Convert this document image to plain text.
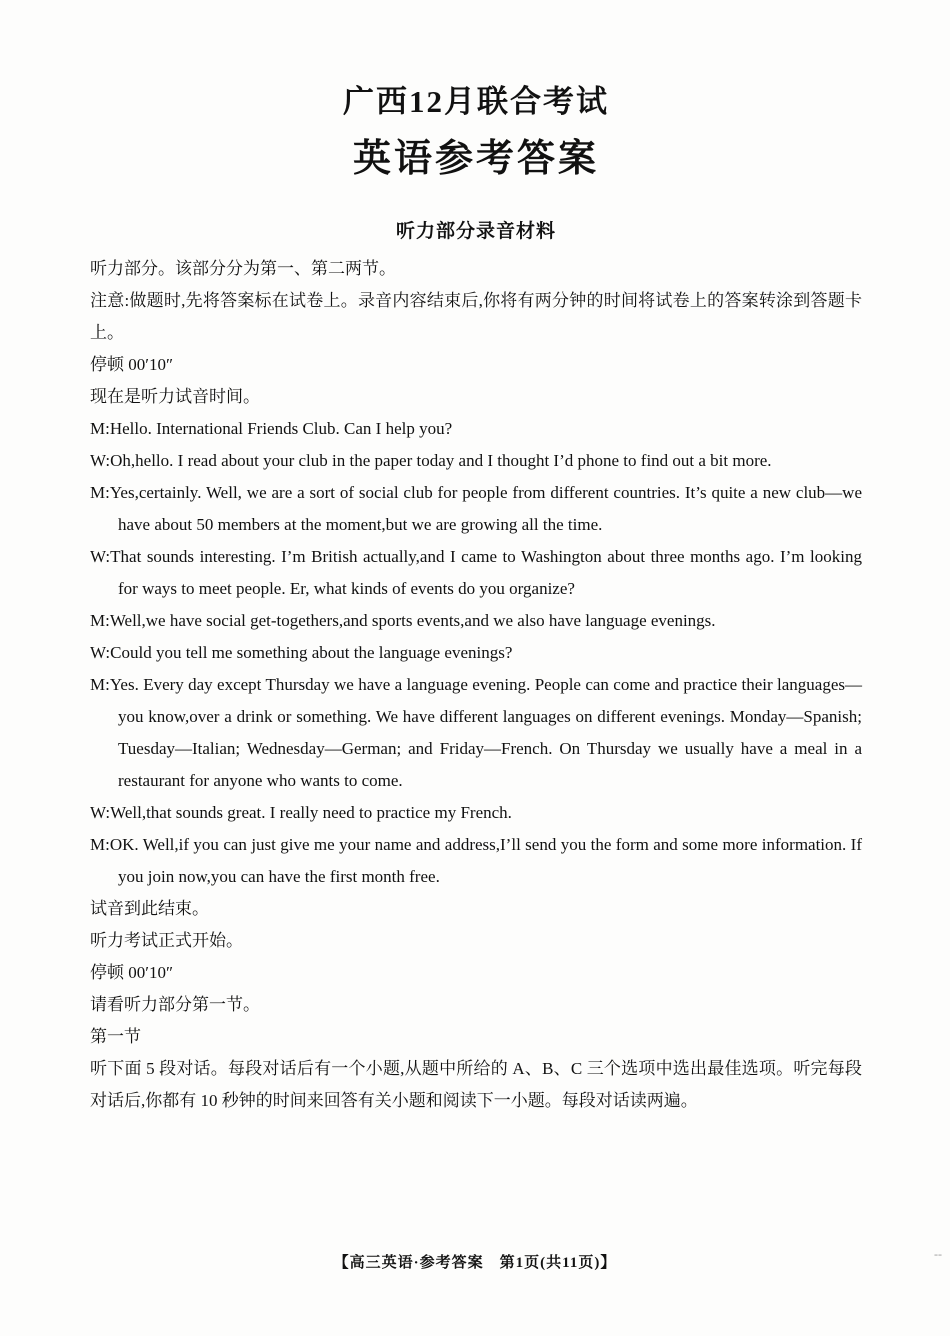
广西12月联合考试
英语参考答案
听力部分录音材料

听力部分。该部分分为第一、第二两节。

注意:做题时,先将答案标在试卷上。录音内容结束后,你将有两分钟的时间将试卷上的答案转涂到答题卡上。

停顿 00′10″

现在是听力试音时间。

M:Hello. International Friends Club. Can I help you?

W:Oh,hello. I read about your club in the paper today and I thought I’d phone to find out a bit more.

M:Yes,certainly. Well, we are a sort of social club for people from different countries. It’s quite a new club—we have about 50 members at the moment,but we are growing all the time.

W:That sounds interesting. I’m British actually,and I came to Washington about three months ago. I’m looking for ways to meet people. Er, what kinds of events do you organize?

M:Well,we have social get-togethers,and sports events,and we also have language evenings.

W:Could you tell me something about the language evenings?

M:Yes. Every day except Thursday we have a language evening. People can come and practice their languages—you know,over a drink or something. We have different languages on different evenings. Monday—Spanish; Tuesday—Italian; Wednesday—German; and Friday—French. On Thursday we usually have a meal in a restaurant for anyone who wants to come.

W:Well,that sounds great. I really need to practice my French.

M:OK. Well,if you can just give me your name and address,I’ll send you the form and some more information. If you join now,you can have the first month free.

试音到此结束。

听力考试正式开始。

停顿 00′10″

请看听力部分第一节。

第一节

听下面 5 段对话。每段对话后有一个小题,从题中所给的 A、B、C 三个选项中选出最佳选项。听完每段对话后,你都有 10 秒钟的时间来回答有关小题和阅读下一小题。每段对话读两遍。

【高三英语·参考答案　第1页(共11页)】
--
